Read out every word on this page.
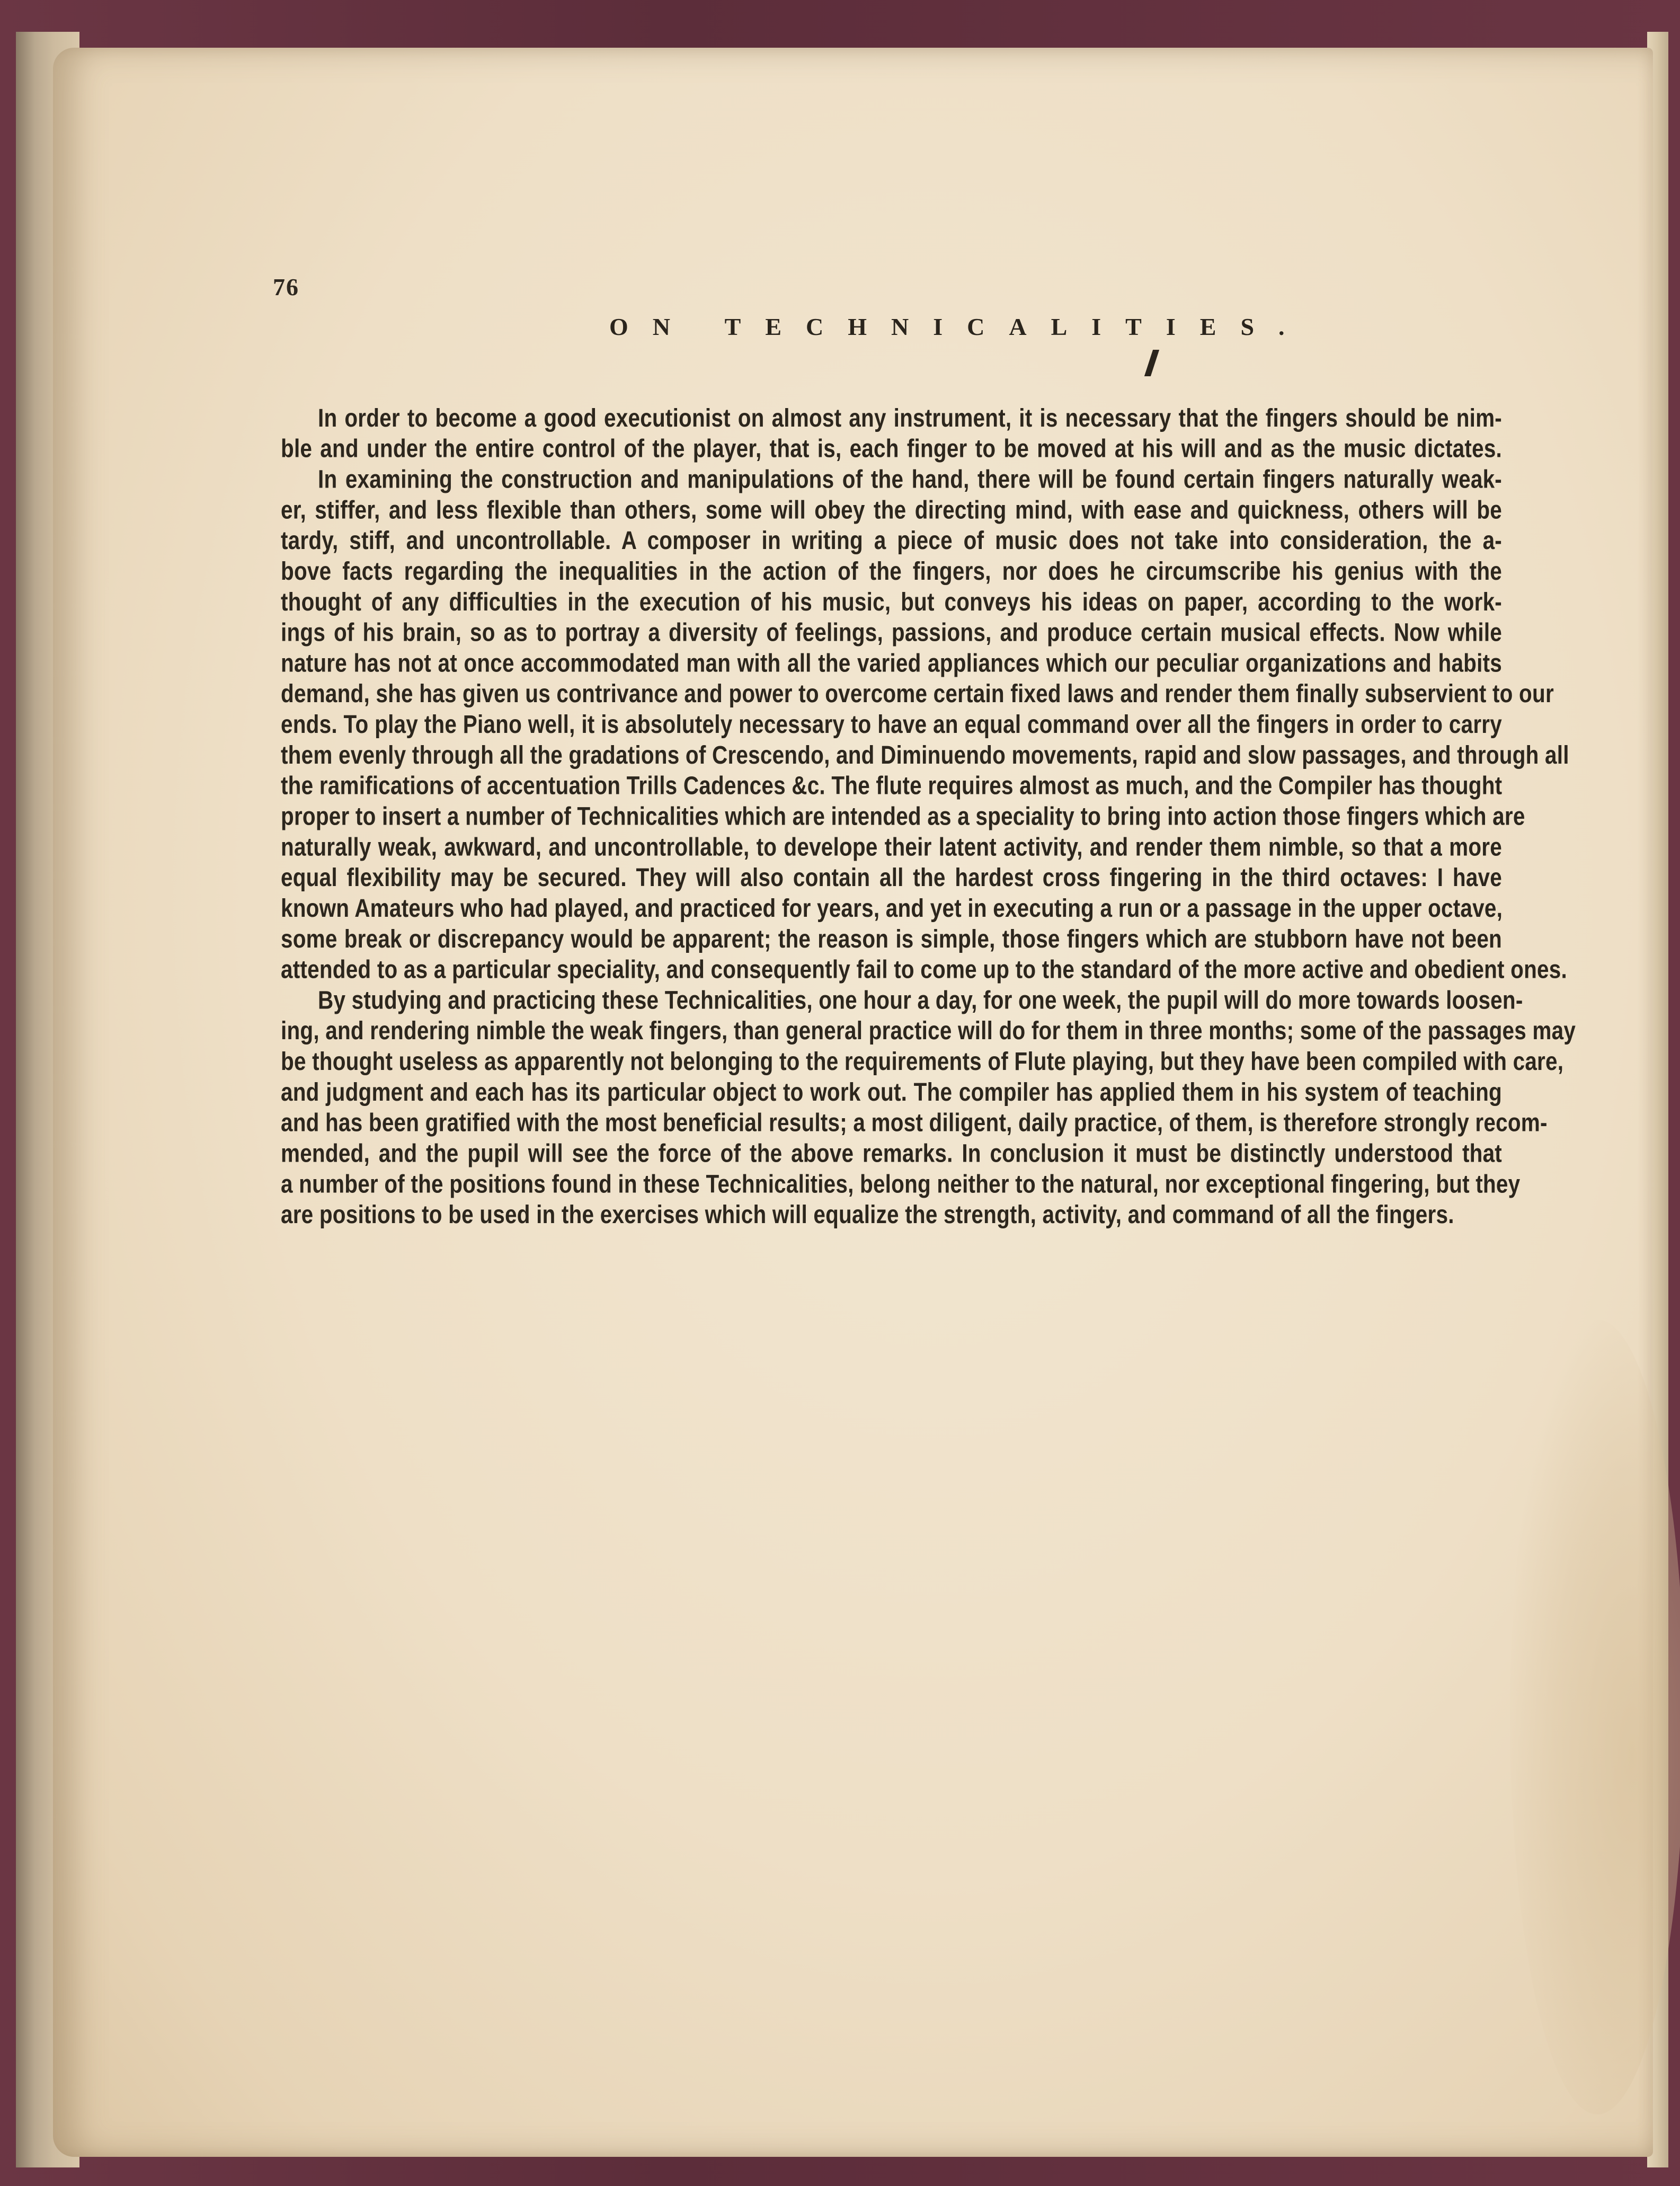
76
ON TECHNICALITIES.
In order to become a good executionist on almost any instrument, it is necessary that the fingers should be nim-
ble and under the entire control of the player, that is, each finger to be moved at his will and as the music dictates.
In examining the construction and manipulations of the hand, there will be found certain fingers naturally weak-
er, stiffer, and less flexible than others, some will obey the directing mind, with ease and quickness, others will be
tardy, stiff, and uncontrollable. A composer in writing a piece of music does not take into consideration, the a-
bove facts regarding the inequalities in the action of the fingers, nor does he circumscribe his genius with the
thought of any difficulties in the execution of his music, but conveys his ideas on paper, according to the work-
ings of his brain, so as to portray a diversity of feelings, passions, and produce certain musical effects. Now while
nature has not at once accommodated man with all the varied appliances which our peculiar organizations and habits
demand, she has given us contrivance and power to overcome certain fixed laws and render them finally subservient to our
ends. To play the Piano well, it is absolutely necessary to have an equal command over all the fingers in order to carry
them evenly through all the gradations of Crescendo, and Diminuendo movements, rapid and slow passages, and through all
the ramifications of accentuation Trills Cadences &c. The flute requires almost as much, and the Compiler has thought
proper to insert a number of Technicalities which are intended as a speciality to bring into action those fingers which are
naturally weak, awkward, and uncontrollable, to develope their latent activity, and render them nimble, so that a more
equal flexibility may be secured. They will also contain all the hardest cross fingering in the third octaves: I have
known Amateurs who had played, and practiced for years, and yet in executing a run or a passage in the upper octave,
some break or discrepancy would be apparent; the reason is simple, those fingers which are stubborn have not been
attended to as a particular speciality, and consequently fail to come up to the standard of the more active and obedient ones.
By studying and practicing these Technicalities, one hour a day, for one week, the pupil will do more towards loosen-
ing, and rendering nimble the weak fingers, than general practice will do for them in three months; some of the passages may
be thought useless as apparently not belonging to the requirements of Flute playing, but they have been compiled with care,
and judgment and each has its particular object to work out. The compiler has applied them in his system of teaching
and has been gratified with the most beneficial results; a most diligent, daily practice, of them, is therefore strongly recom-
mended, and the pupil will see the force of the above remarks. In conclusion it must be distinctly understood that
a number of the positions found in these Technicalities, belong neither to the natural, nor exceptional fingering, but they
are positions to be used in the exercises which will equalize the strength, activity, and command of all the fingers.
